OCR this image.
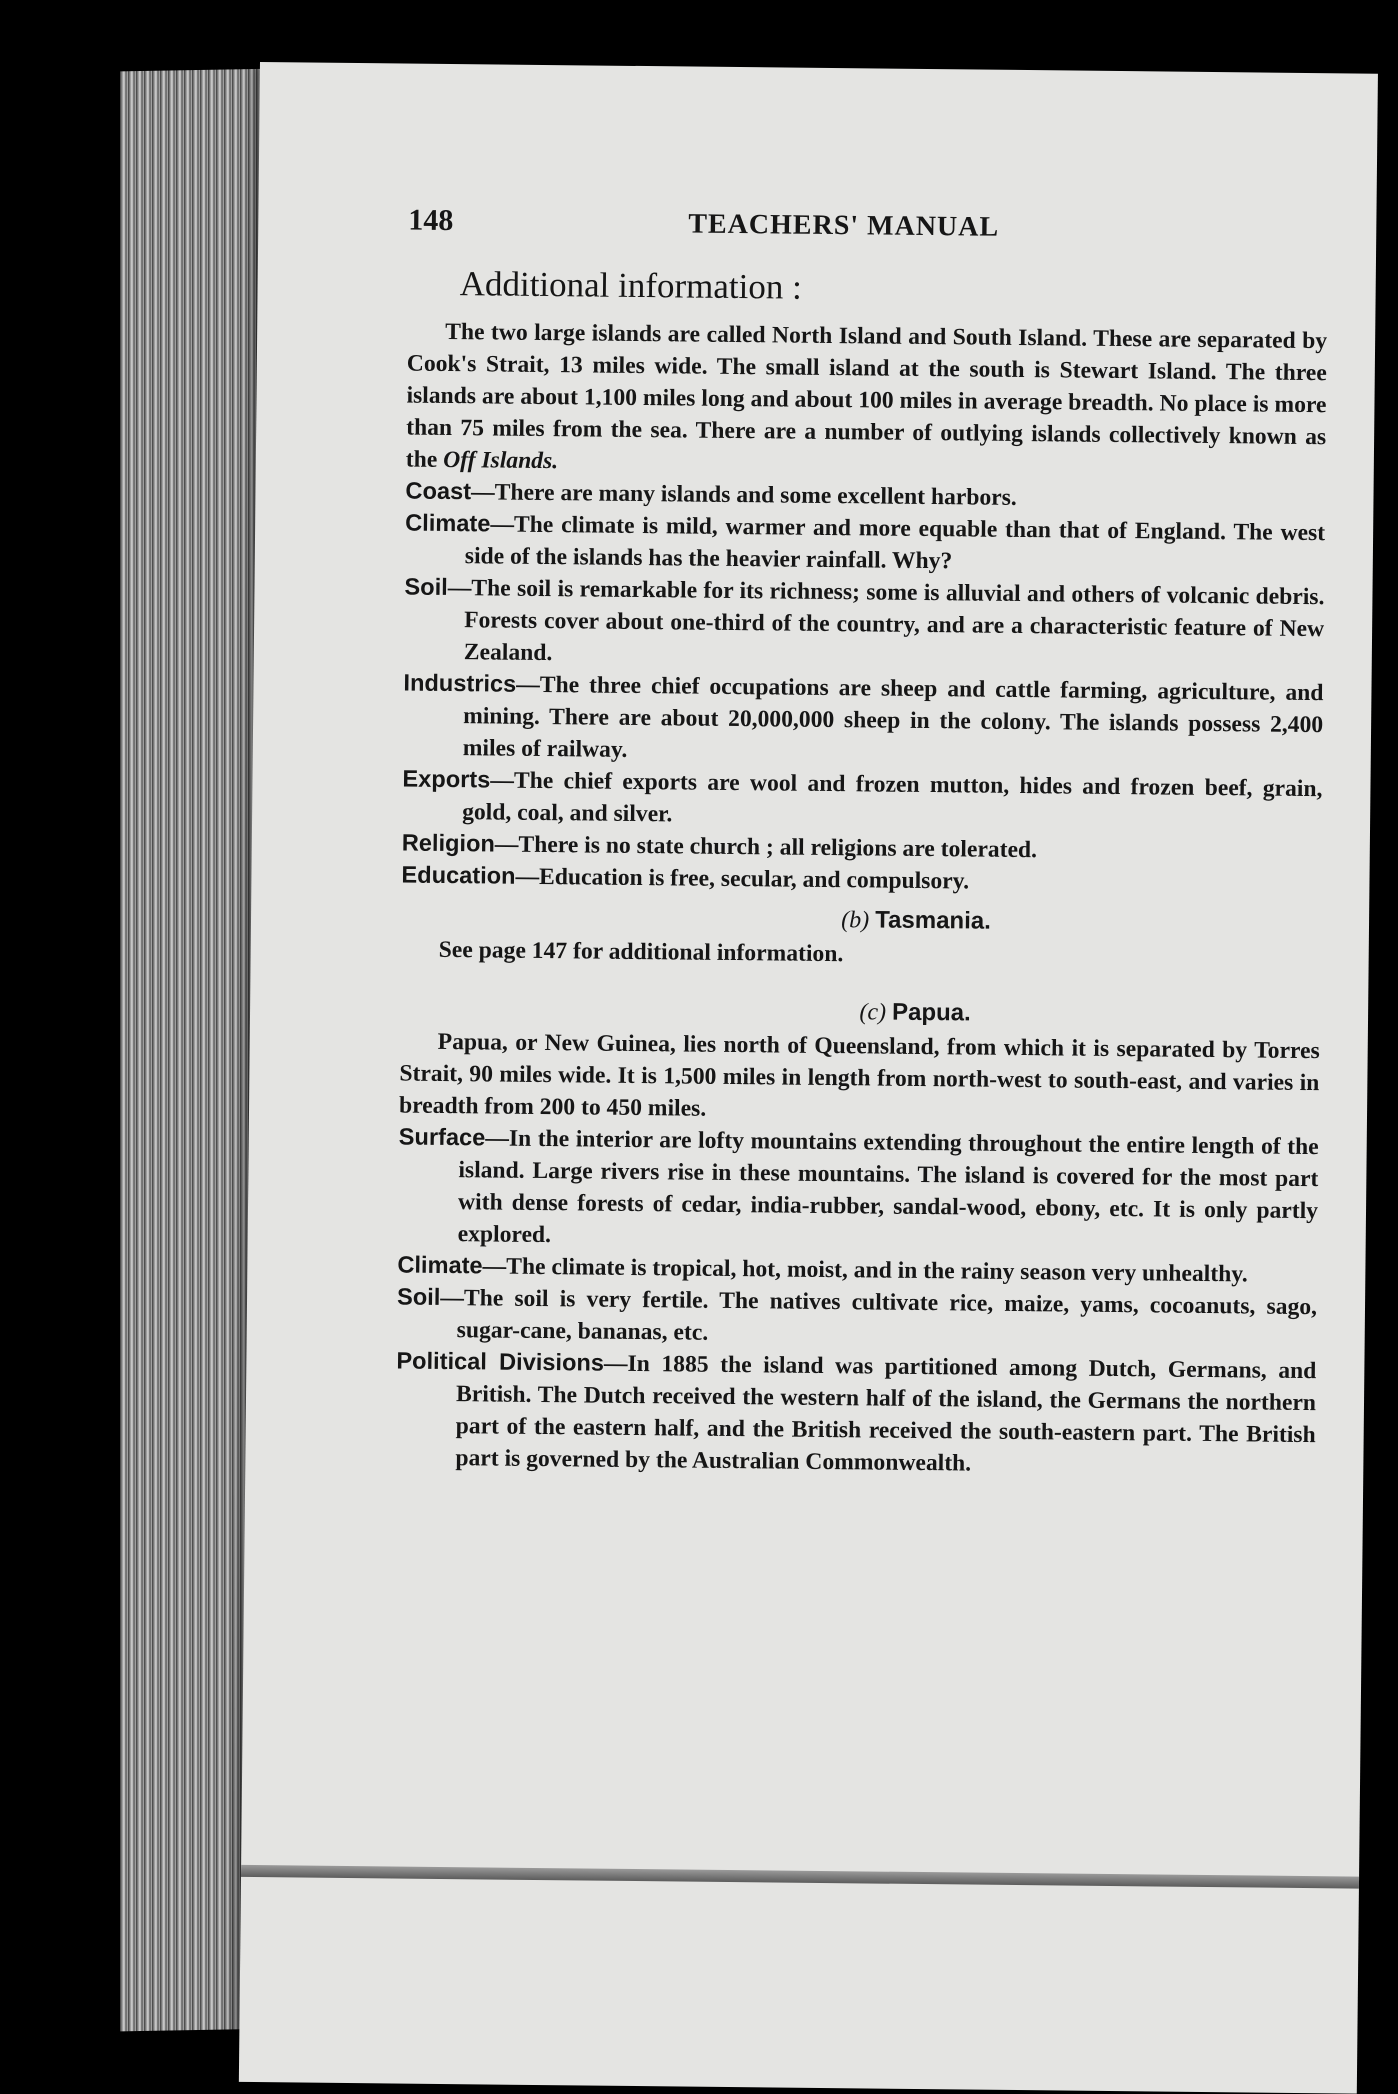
148	TEACHERS' MANUAL
Additional information :

The two large islands are called North Island and South Island. These are separated by Cook's Strait, 13 miles wide. The small island at the south is Stewart Island. The three islands are about 1,100 miles long and about 100 miles in average breadth. No place is more than 75 miles from the sea. There are a number of outlying islands collectively known as the Off Islands.

Coast—There are many islands and some excellent harbors.

Climate—The climate is mild, warmer and more equable than that of England. The west side of the islands has the heavier rainfall. Why?

Soil—The soil is remarkable for its richness; some is alluvial and others of volcanic debris. Forests cover about one-third of the country, and are a characteristic feature of New Zealand.

Industrics—The three chief occupations are sheep and cattle farming, agriculture, and mining. There are about 20,000,000 sheep in the colony. The islands possess 2,400 miles of railway.

Exports—The chief exports are wool and frozen mutton, hides and frozen beef, grain, gold, coal, and silver.

Religion—There is no state church ; all religions are tolerated.

Education—Education is free, secular, and compulsory.

(b) Tasmania.

See page 147 for additional information.

(c) Papua.

Papua, or New Guinea, lies north of Queensland, from which it is separated by Torres Strait, 90 miles wide. It is 1,500 miles in length from north-west to south-east, and varies in breadth from 200 to 450 miles.

Surface—In the interior are lofty mountains extending throughout the entire length of the island. Large rivers rise in these mountains. The island is covered for the most part with dense forests of cedar, india-rubber, sandal-wood, ebony, etc. It is only partly explored.

Climate—The climate is tropical, hot, moist, and in the rainy season very unhealthy.

Soil—The soil is very fertile. The natives cultivate rice, maize, yams, cocoanuts, sago, sugar-cane, bananas, etc.

Political Divisions—In 1885 the island was partitioned among Dutch, Germans, and British. The Dutch received the western half of the island, the Germans the northern part of the eastern half, and the British received the south-eastern part. The British part is governed by the Australian Commonwealth.
